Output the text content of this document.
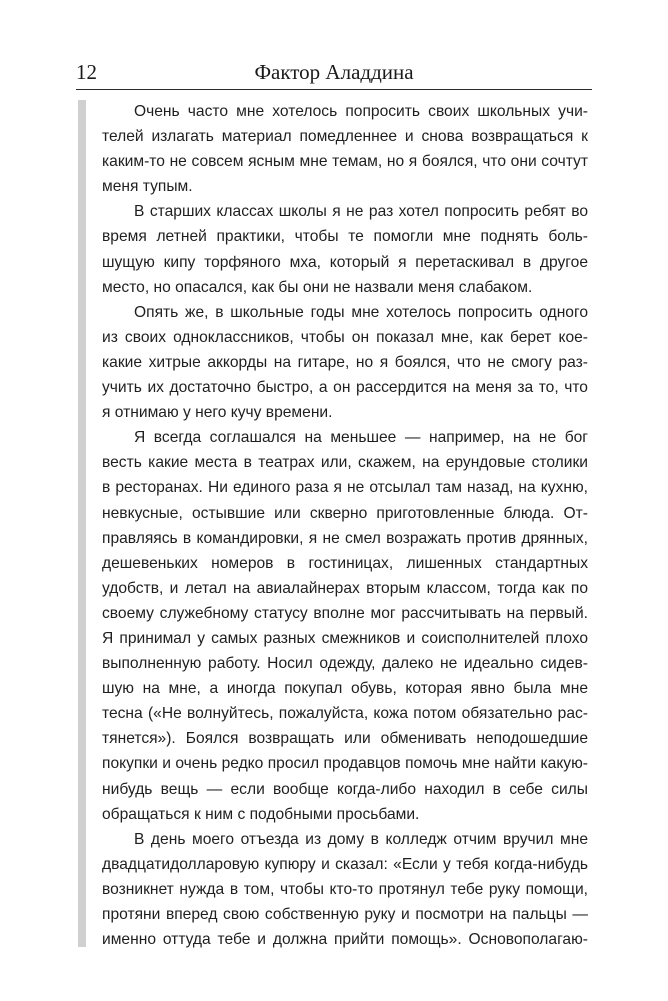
12	Фактор Аладдина
Очень часто мне хотелось попросить своих школьных учи-
телей излагать материал помедленнее и снова возвращаться к
каким-то не совсем ясным мне темам, но я боялся, что они сочтут
меня тупым.
В старших классах школы я не раз хотел попросить ребят во
время летней практики, чтобы те помогли мне поднять боль-
шущую кипу торфяного мха, который я перетаскивал в другое
место, но опасался, как бы они не назвали меня слабаком.
Опять же, в школьные годы мне хотелось попросить одного
из своих одноклассников, чтобы он показал мне, как берет кое-
какие хитрые аккорды на гитаре, но я боялся, что не смогу раз-
учить их достаточно быстро, а он рассердится на меня за то, что
я отнимаю у него кучу времени.
Я всегда соглашался на меньшее — например, на не бог
весть какие места в театрах или, скажем, на ерундовые столики
в ресторанах. Ни единого раза я не отсылал там назад, на кухню,
невкусные, остывшие или скверно приготовленные блюда. От-
правляясь в командировки, я не смел возражать против дрянных,
дешевеньких номеров в гостиницах, лишенных стандартных
удобств, и летал на авиалайнерах вторым классом, тогда как по
своему служебному статусу вполне мог рассчитывать на первый.
Я принимал у самых разных смежников и соисполнителей плохо
выполненную работу. Носил одежду, далеко не идеально сидев-
шую на мне, а иногда покупал обувь, которая явно была мне
тесна («Не волнуйтесь, пожалуйста, кожа потом обязательно рас-
тянется»). Боялся возвращать или обменивать неподошедшие
покупки и очень редко просил продавцов помочь мне найти какую-
нибудь вещь — если вообще когда-либо находил в себе силы
обращаться к ним с подобными просьбами.
В день моего отъезда из дому в колледж отчим вручил мне
двадцатидолларовую купюру и сказал: «Если у тебя когда-нибудь
возникнет нужда в том, чтобы кто-то протянул тебе руку помощи,
протяни вперед свою собственную руку и посмотри на пальцы —
именно оттуда тебе и должна прийти помощь». Основополагаю-
